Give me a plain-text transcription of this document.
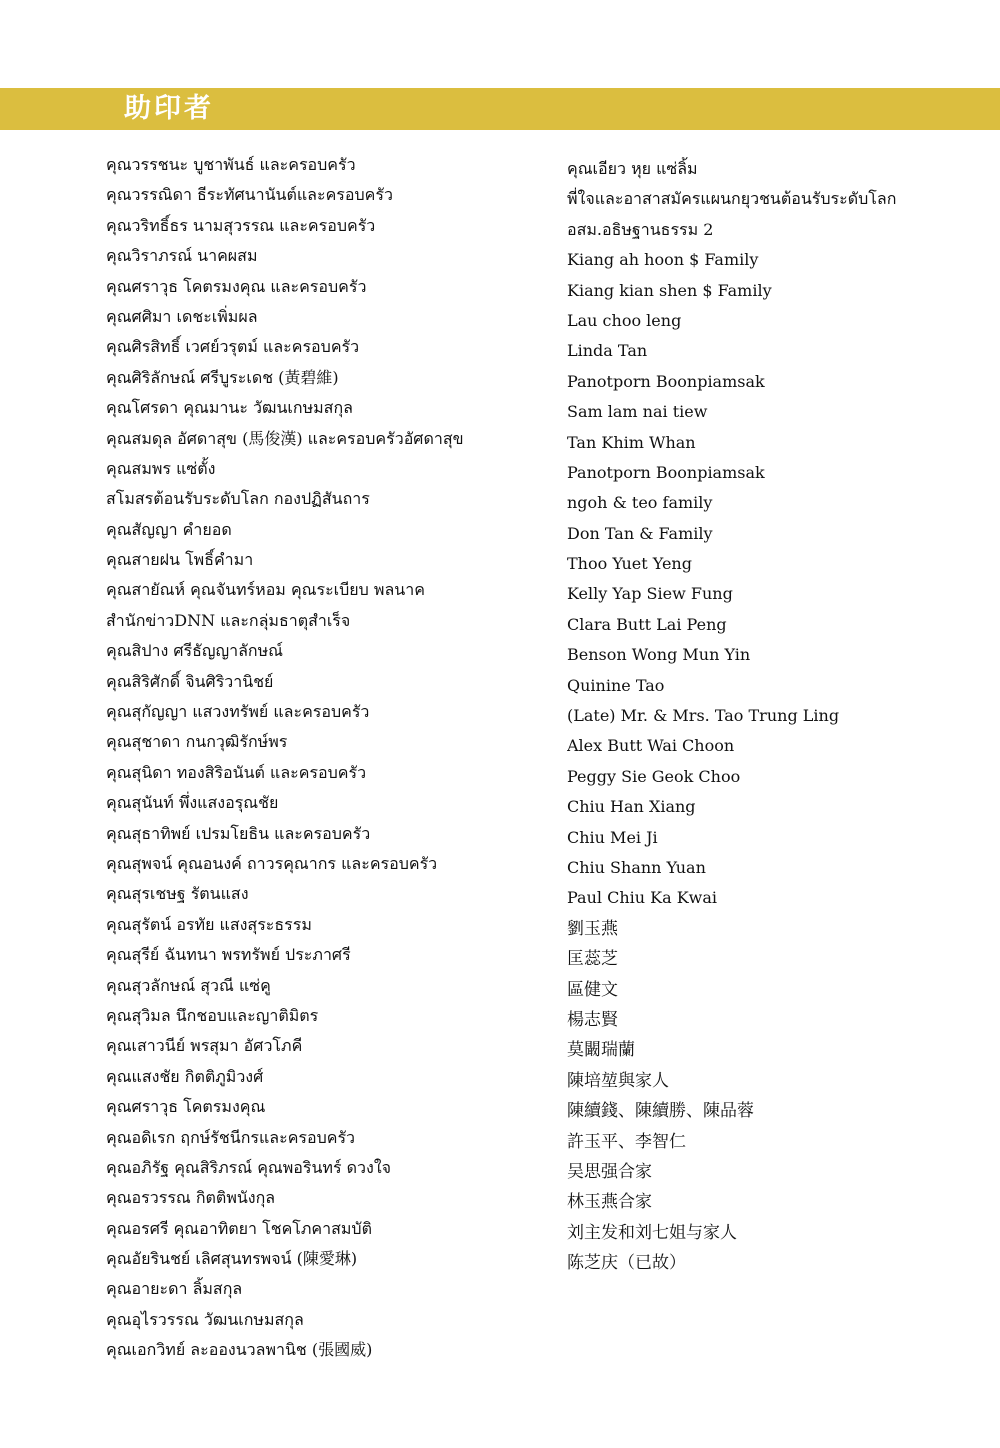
助印者
คุณวรรชนะ บูชาพันธ์ และครอบครัว
คุณวรรณิดา ธีระทัศนานันต์และครอบครัว
คุณวริทธิ์ธร นามสุวรรณ และครอบครัว
คุณวิราภรณ์ นาคผสม
คุณศราวุธ โคตรมงคุณ และครอบครัว
คุณศศิมา เดชะเพิ่มผล
คุณศิรสิทธิ์ เวศย์วรุตม์ และครอบครัว
คุณศิริลักษณ์ ศรีบูระเดช (黃碧維)
คุณโศรดา คุณมานะ วัฒนเกษมสกุล
คุณสมดุล อัศดาสุข (馬俊漢) และครอบครัวอัศดาสุข
คุณสมพร แซ่ตั้ง
สโมสรต้อนรับระดับโลก กองปฏิสันถาร
คุณสัญญา คำยอด
คุณสายฝน โพธิ์คำมา
คุณสายัณห์ คุณจันทร์หอม คุณระเบียบ พลนาค
สำนักข่าวDNN และกลุ่มธาตุสำเร็จ
คุณสิปาง ศรีธัญญาลักษณ์
คุณสิริศักดิ์ จินศิริวานิชย์
คุณสุกัญญา แสวงทรัพย์ และครอบครัว
คุณสุชาดา กนกวุฒิรักษ์พร
คุณสุนิดา ทองสิริอนันต์ และครอบครัว
คุณสุนันท์ พึ่งแสงอรุณชัย
คุณสุธาทิพย์ เปรมโยธิน และครอบครัว
คุณสุพจน์ คุณอนงค์ ถาวรคุณากร และครอบครัว
คุณสุรเชษฐ รัตนแสง
คุณสุรัตน์ อรทัย แสงสุระธรรม
คุณสุรีย์ ฉันทนา พรทรัพย์ ประภาศรี
คุณสุวลักษณ์ สุวณี แซ่คู
คุณสุวิมล นึกชอบและญาติมิตร
คุณเสาวนีย์ พรสุมา อัศวโภคี
คุณแสงชัย กิตติภูมิวงศ์
คุณศราวุธ โคตรมงคุณ
คุณอดิเรก ฤกษ์รัชนีกรและครอบครัว
คุณอภิรัฐ คุณสิริภรณ์ คุณพอรินทร์ ดวงใจ
คุณอรวรรณ กิตติพนังกุล
คุณอรศรี คุณอาทิตยา โชคโภคาสมบัติ
คุณอัยรินชย์ เลิศสุนทรพจน์ (陳愛琳)
คุณอายะดา ลิ้มสกุล
คุณอุไรวรรณ วัฒนเกษมสกุล
คุณเอกวิทย์ ละอองนวลพานิช (張國威)
คุณเอียว หุย แซ่ลิ้ม
พี่ใจและอาสาสมัครแผนกยุวชนต้อนรับระดับโลก
อสม.อธิษฐานธรรม 2
Kiang ah hoon $ Family
Kiang kian shen $ Family
Lau choo leng
Linda Tan
Panotporn Boonpiamsak
Sam lam nai tiew
Tan Khim Whan
Panotporn Boonpiamsak
ngoh & teo family
Don Tan & Family
Thoo Yuet Yeng
Kelly Yap Siew Fung
Clara Butt Lai Peng
Benson Wong Mun Yin
Quinine Tao
(Late) Mr. & Mrs. Tao Trung Ling
Alex Butt Wai Choon
Peggy Sie Geok Choo
Chiu Han Xiang
Chiu Mei Ji
Chiu Shann Yuan
Paul Chiu Ka Kwai
劉玉燕
匡蕊芝
區健文
楊志賢
莫闞瑞蘭
陳培堃與家人
陳續錢、陳續勝、陳品蓉
許玉平、李智仁
吴思强合家
林玉燕合家
刘主发和刘七姐与家人
陈芝庆（已故）
